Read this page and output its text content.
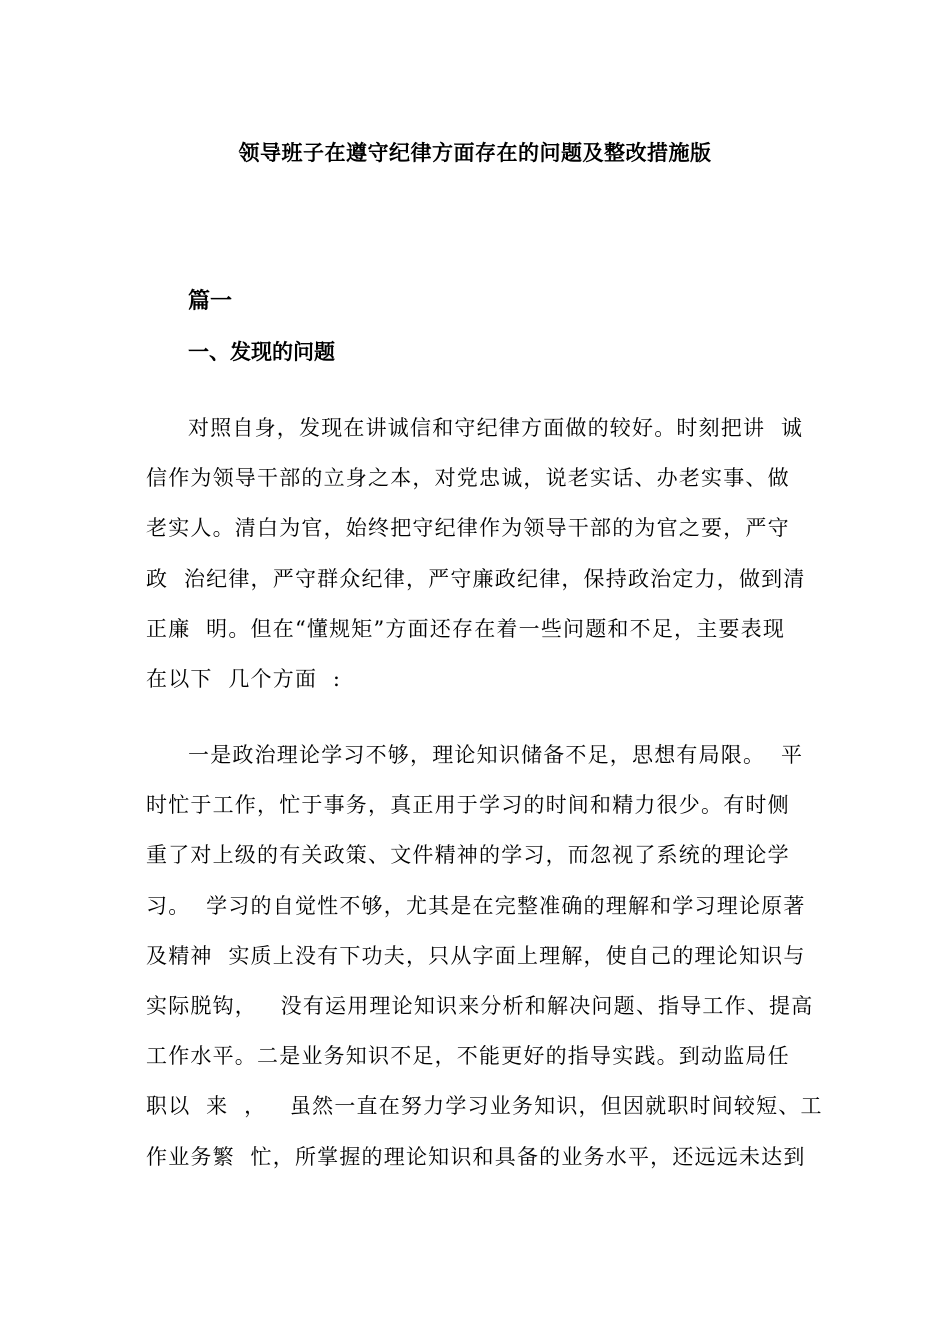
领导班子在遵守纪律方面存在的问题及整改措施版
篇一
一、发现的问题

对照自身，发现在讲诚信和守纪律方面做的较好。时刻把讲  诚
信作为领导干部的立身之本，对党忠诚，说老实话、办老实事、做
老实人。清白为官，始终把守纪律作为领导干部的为官之要，严守
政  治纪律，严守群众纪律，严守廉政纪律，保持政治定力，做到清
正廉  明。但在“懂规矩”方面还存在着一些问题和不足，主要表现
在以下  几个方面  :

一是政治理论学习不够，理论知识储备不足，思想有局限。  平
时忙于工作，忙于事务，真正用于学习的时间和精力很少。有时侧
重了对上级的有关政策、文件精神的学习，而忽视了系统的理论学
习。  学习的自觉性不够，尤其是在完整准确的理解和学习理论原著
及精神  实质上没有下功夫，只从字面上理解，使自己的理论知识与
实际脱钩，   没有运用理论知识来分析和解决问题、指导工作、提高
工作水平。二是业务知识不足，不能更好的指导实践。到动监局任
职以  来  ，   虽然一直在努力学习业务知识，但因就职时间较短、工
作业务繁  忙，所掌握的理论知识和具备的业务水平，还远远未达到
